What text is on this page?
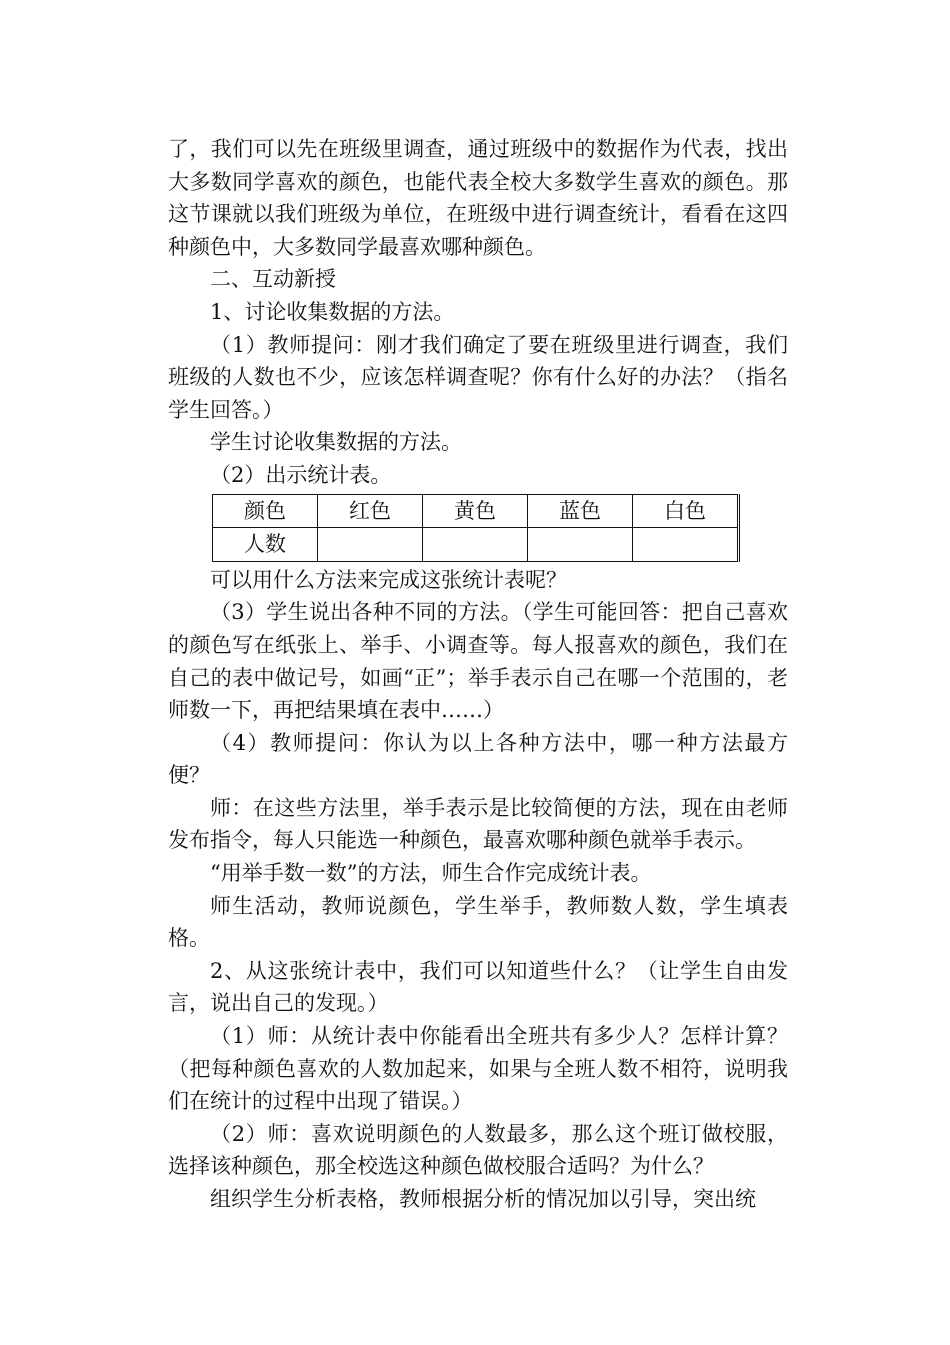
了，我们可以先在班级里调查，通过班级中的数据作为代表，找出大多数同学喜欢的颜色，也能代表全校大多数学生喜欢的颜色。那这节课就以我们班级为单位，在班级中进行调查统计，看看在这四种颜色中，大多数同学最喜欢哪种颜色。

二、互动新授

1、讨论收集数据的方法。

（1）教师提问：刚才我们确定了要在班级里进行调查，我们班级的人数也不少，应该怎样调查呢？你有什么好的办法？（指名学生回答。）

学生讨论收集数据的方法。

（2）出示统计表。

颜色	红色	黄色	蓝色	白色
人数				

可以用什么方法来完成这张统计表呢？

（3）学生说出各种不同的方法。（学生可能回答：把自己喜欢的颜色写在纸张上、举手、小调查等。每人报喜欢的颜色，我们在自己的表中做记号，如画“正”；举手表示自己在哪一个范围的，老师数一下，再把结果填在表中……）

（4）教师提问：你认为以上各种方法中，哪一种方法最方便？

师：在这些方法里，举手表示是比较简便的方法，现在由老师发布指令，每人只能选一种颜色，最喜欢哪种颜色就举手表示。

“用举手数一数”的方法，师生合作完成统计表。

师生活动，教师说颜色，学生举手，教师数人数，学生填表格。

2、从这张统计表中，我们可以知道些什么？（让学生自由发言，说出自己的发现。）

（1）师：从统计表中你能看出全班共有多少人？怎样计算？（把每种颜色喜欢的人数加起来，如果与全班人数不相符，说明我们在统计的过程中出现了错误。）

（2）师：喜欢说明颜色的人数最多，那么这个班订做校服，选择该种颜色，那全校选这种颜色做校服合适吗？为什么？

组织学生分析表格，教师根据分析的情况加以引导，突出统
